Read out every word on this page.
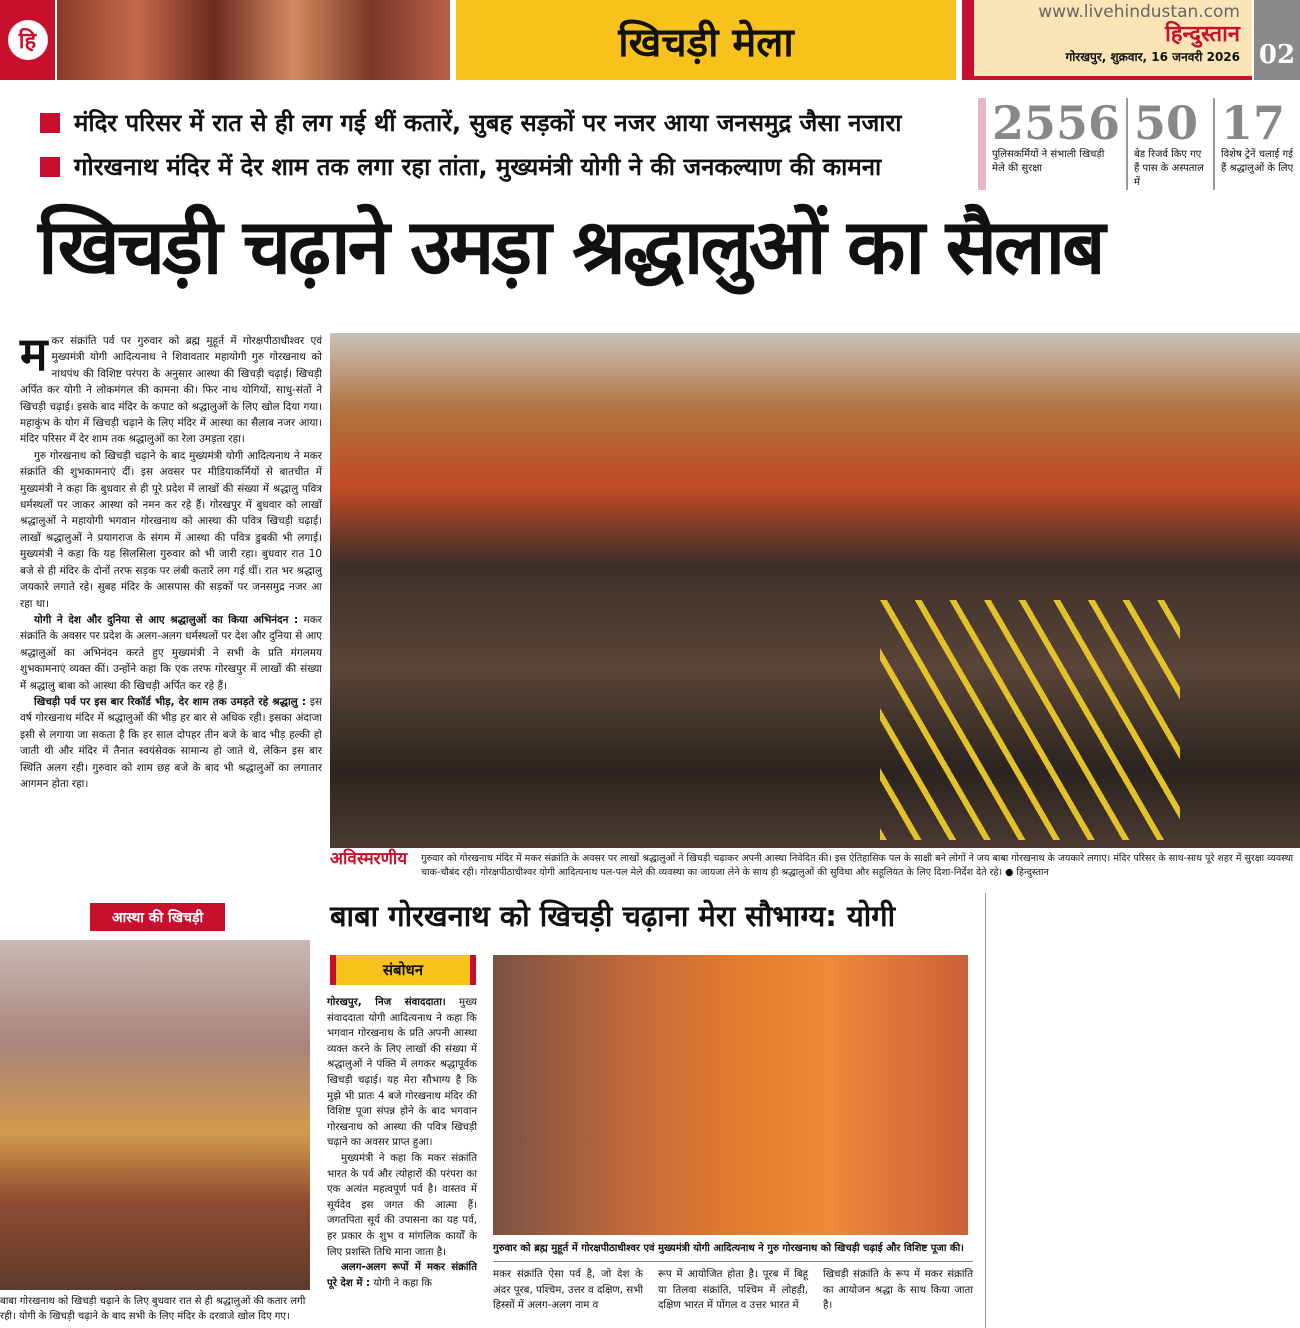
हि	खिचड़ी मेला
www.livehindustan.com
हिन्दुस्तान
गोरखपुर, शुक्रवार, 16 जनवरी 2026 02
मंदिर परिसर में रात से ही लग गई थीं कतारें, सुबह सड़कों पर नजर आया जनसमुद्र जैसा नजारा
गोरखनाथ मंदिर में देर शाम तक लगा रहा तांता, मुख्यमंत्री योगी ने की जनकल्याण की कामना
2556
पुलिसकर्मियों ने संभाली खिचड़ी मेले की सुरक्षा
50
बेड रिजर्व किए गए हैं पास के अस्पताल में
17
विशेष ट्रेनें चलाई गई हैं श्रद्धालुओं के लिए
खिचड़ी चढ़ाने उमड़ा श्रद्धालुओं का सैलाब

मकर संक्रांति पर्व पर गुरुवार को ब्रह्म मुहूर्त में गोरक्षपीठाधीश्वर एवं मुख्यमंत्री योगी आदित्यनाथ ने शिवावतार महायोगी गुरु गोरखनाथ को नाथपंथ की विशिष्ट परंपरा के अनुसार आस्था की खिचड़ी चढ़ाई। खिचड़ी अर्पित कर योगी ने लोकमंगल की कामना की। फिर नाथ योगियों, साधु-संतों ने खिचड़ी चढ़ाई। इसके बाद मंदिर के कपाट को श्रद्धालुओं के लिए खोल दिया गया। महाकुंभ के योग में खिचड़ी चढ़ाने के लिए मंदिर में आस्था का सैलाब नजर आया। मंदिर परिसर में देर शाम तक श्रद्धालुओं का रेला उमड़ता रहा।

गुरु गोरखनाथ को खिचड़ी चढ़ाने के बाद मुख्यमंत्री योगी आदित्यनाथ ने मकर संक्रांति की शुभकामनाएं दीं। इस अवसर पर मीडियाकर्मियों से बातचीत में मुख्यमंत्री ने कहा कि बुधवार से ही पूरे प्रदेश में लाखों की संख्या में श्रद्धालु पवित्र धर्मस्थलों पर जाकर आस्था को नमन कर रहे हैं। गोरखपुर में बुधवार को लाखों श्रद्धालुओं ने महायोगी भगवान गोरखनाथ को आस्था की पवित्र खिचड़ी चढ़ाई। लाखों श्रद्धालुओं ने प्रयागराज के संगम में आस्था की पवित्र डुबकी भी लगाई। मुख्यमंत्री ने कहा कि यह सिलसिला गुरुवार को भी जारी रहा। बुधवार रात 10 बजे से ही मंदिर के दोनों तरफ सड़क पर लंबी कतारें लग गई थीं। रात भर श्रद्धालु जयकारे लगाते रहे। सुबह मंदिर के आसपास की सड़कों पर जनसमुद्र नजर आ रहा था।

योगी ने देश और दुनिया से आए श्रद्धालुओं का किया अभिनंदन : मकर संक्रांति के अवसर पर प्रदेश के अलग-अलग धर्मस्थलों पर देश और दुनिया से आए श्रद्धालुओं का अभिनंदन करते हुए मुख्यमंत्री ने सभी के प्रति मंगलमय शुभकामनाएं व्यक्त कीं। उन्होंने कहा कि एक तरफ गोरखपुर में लाखों की संख्या में श्रद्धालु बाबा को आस्था की खिचड़ी अर्पित कर रहे हैं।

खिचड़ी पर्व पर इस बार रिकॉर्ड भीड़, देर शाम तक उमड़ते रहे श्रद्धालु : इस वर्ष गोरखनाथ मंदिर में श्रद्धालुओं की भीड़ हर बार से अधिक रही। इसका अंदाजा इसी से लगाया जा सकता है कि हर साल दोपहर तीन बजे के बाद भीड़ हल्की हो जाती थी और मंदिर में तैनात स्वयंसेवक सामान्य हो जाते थे, लेकिन इस बार स्थिति अलग रही। गुरुवार को शाम छह बजे के बाद भी श्रद्धालुओं का लगातार आगमन होता रहा।

अविस्मरणीय गुरुवार को गोरखनाथ मंदिर में मकर संक्रांति के अवसर पर लाखों श्रद्धालुओं ने खिचड़ी चढ़ाकर अपनी आस्था निवेदित की। इस ऐतिहासिक पल के साक्षी बने लोगों ने जय बाबा गोरखनाथ के जयकारे लगाए। मंदिर परिसर के साथ-साथ पूरे शहर में सुरक्षा व्यवस्था चाक-चौबंद रही। गोरक्षपीठाधीश्वर योगी आदित्यनाथ पल-पल मेले की व्यवस्था का जायजा लेने के साथ ही श्रद्धालुओं की सुविधा और सहूलियत के लिए दिशा-निर्देश देते रहे। ● हिन्दुस्तान
आस्था की खिचड़ी
बाबा गोरखनाथ को खिचड़ी चढ़ाने के लिए बुधवार रात से ही श्रद्धालुओं की कतार लगी रही। योगी के खिचड़ी चढ़ाने के बाद सभी के लिए मंदिर के दरवाजे खोल दिए गए।
बाबा गोरखनाथ को खिचड़ी चढ़ाना मेरा सौभाग्य: योगी
संबोधन

गोरखपुर, निज संवाददाता। मुख्य संवाददाता योगी आदित्यनाथ ने कहा कि भगवान गोरखनाथ के प्रति अपनी आस्था व्यक्त करने के लिए लाखों की संख्या में श्रद्धालुओं ने पंक्ति में लगकर श्रद्धापूर्वक खिचड़ी चढ़ाई। यह मेरा सौभाग्य है कि मुझे भी प्रातः 4 बजे गोरखनाथ मंदिर की विशिष्ट पूजा संपन्न होने के बाद भगवान गोरखनाथ को आस्था की पवित्र खिचड़ी चढ़ाने का अवसर प्राप्त हुआ।

मुख्यमंत्री ने कहा कि मकर संक्रांति भारत के पर्व और त्योहारों की परंपरा का एक अत्यंत महत्वपूर्ण पर्व है। वास्तव में सूर्यदेव इस जगत की आत्मा हैं। जगतपिता सूर्य की उपासना का यह पर्व, हर प्रकार के शुभ व मांगलिक कार्यों के लिए प्रशस्ति तिथि माना जाता है।

अलग-अलग रूपों में मकर संक्रांति पूरे देश में : योगी ने कहा कि

गुरुवार को ब्रह्म मुहूर्त में गोरक्षपीठाधीश्वर एवं मुख्यमंत्री योगी आदित्यनाथ ने गुरु गोरखनाथ को खिचड़ी चढ़ाई और विशिष्ट पूजा की।
मकर संक्रांति ऐसा पर्व है, जो देश के अंदर पूरब, पश्चिम, उत्तर व दक्षिण, सभी हिस्सों में अलग-अलग नाम व
रूप में आयोजित होता है। पूरब में बिहू या तिलवा संक्रांति, पश्चिम में लोहड़ी, दक्षिण भारत में पोंगल व उत्तर भारत में
खिचड़ी संक्रांति के रूप में मकर संक्रांति का आयोजन श्रद्धा के साथ किया जाता है।
